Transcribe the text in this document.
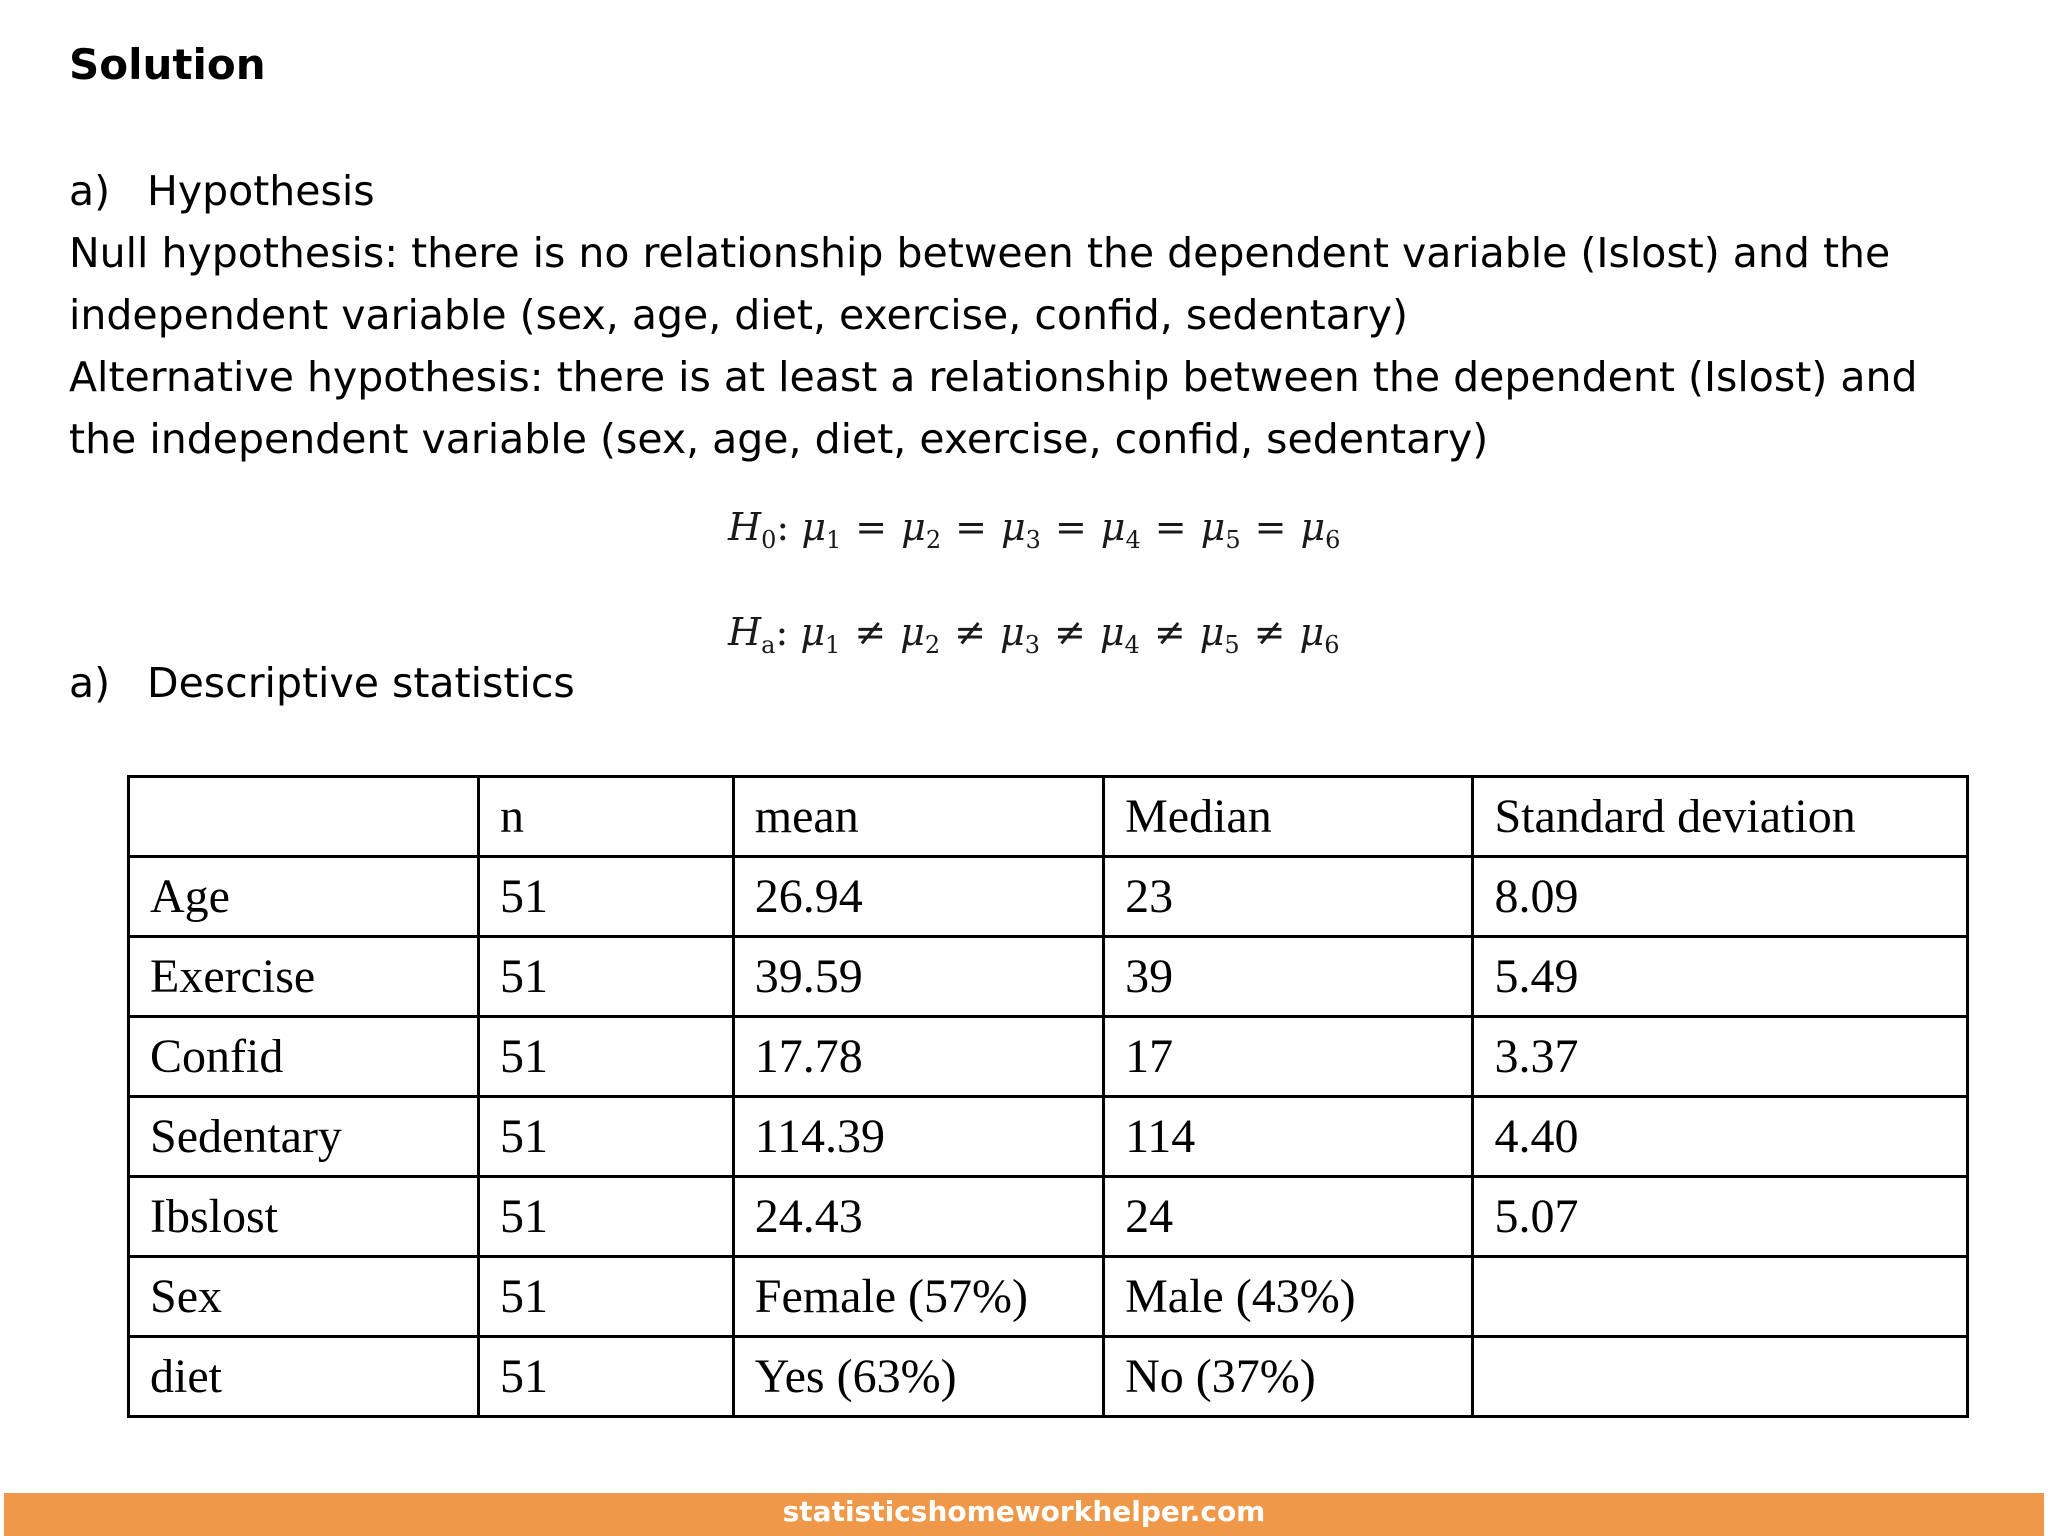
Solution
a) Hypothesis
Null hypothesis: there is no relationship between the dependent variable (Islost) and the
independent variable (sex, age, diet, exercise, confid, sedentary)
Alternative hypothesis: there is at least a relationship between the dependent (Islost) and
the independent variable (sex, age, diet, exercise, confid, sedentary)
$H_0$: $\mu_1 = \mu_2 = \mu_3 = \mu_4 = \mu_5 = \mu_6$
$H_a$: $\mu_1 \ne \mu_2 \ne \mu_3 \ne \mu_4 \ne \mu_5 \ne \mu_6$
a) Descriptive statistics
	n	mean	Median	Standard deviation
Age	51	26.94	23	8.09
Exercise	51	39.59	39	5.49
Confid	51	17.78	17	3.37
Sedentary	51	114.39	114	4.40
Ibslost	51	24.43	24	5.07
Sex	51	Female (57%)	Male (43%)	
diet	51	Yes (63%)	No (37%)	
statisticshomeworkhelper.com
